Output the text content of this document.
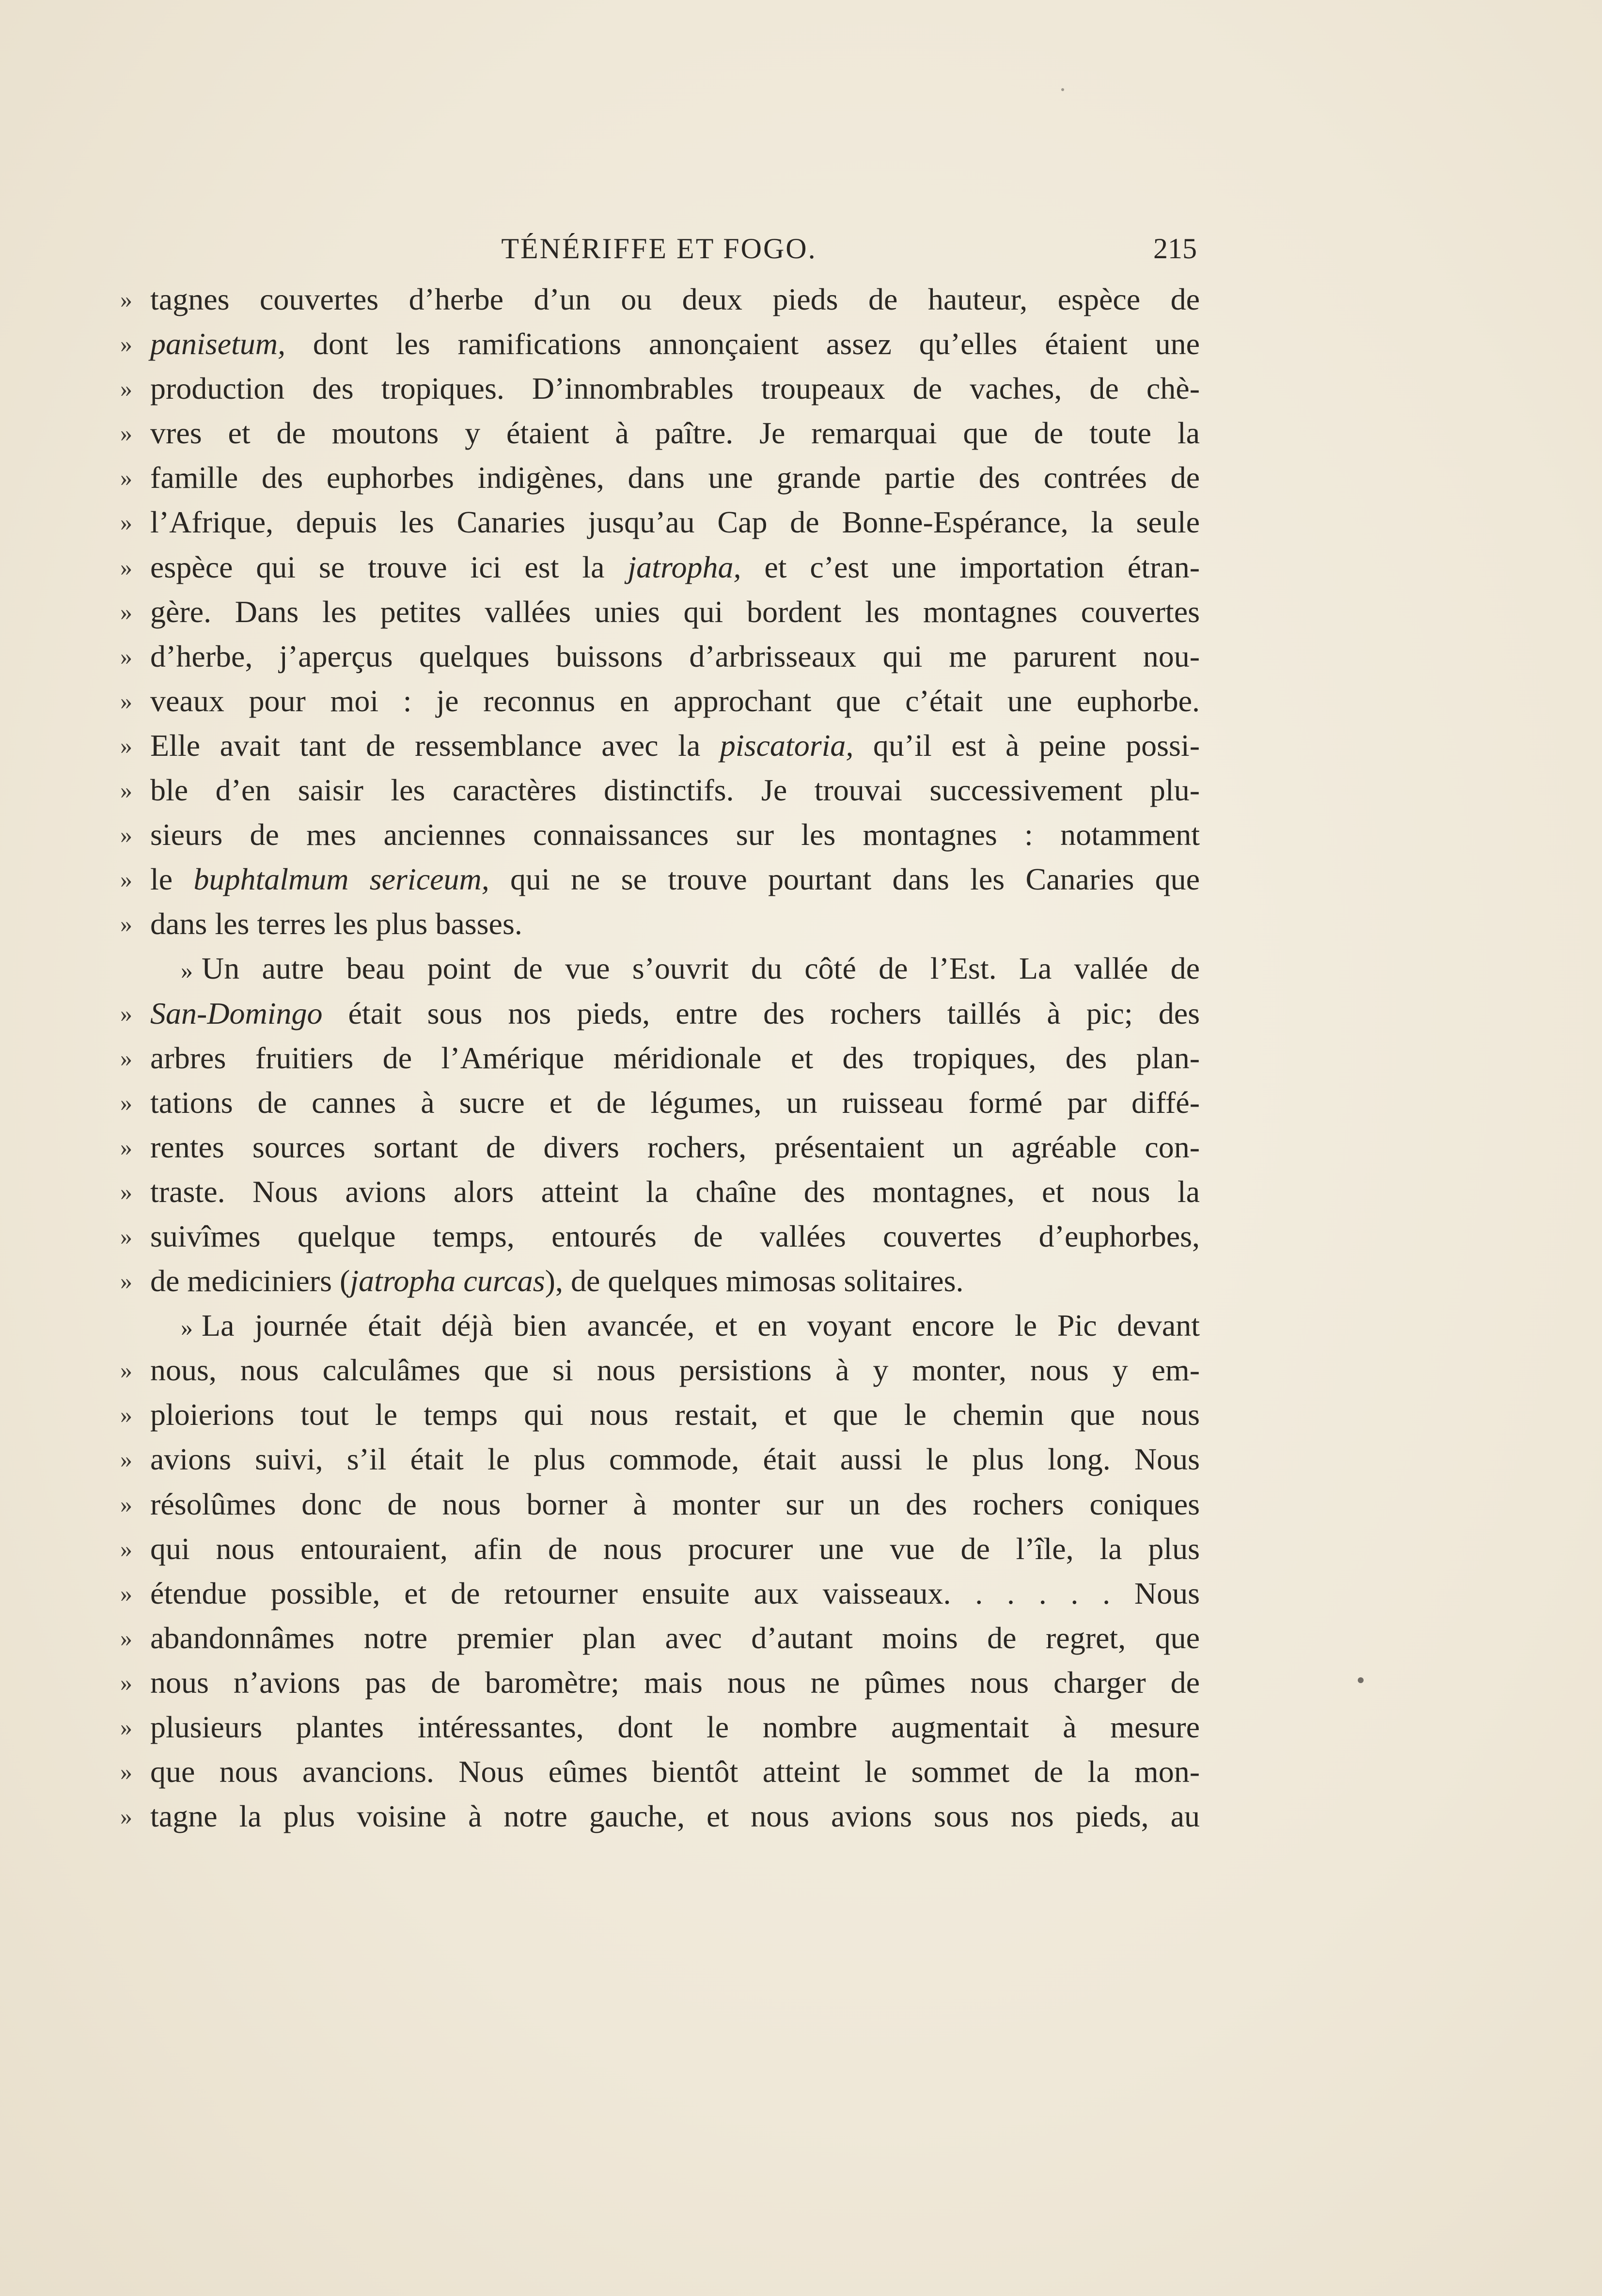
TÉNÉRIFFE ET FOGO.	215
» tagnes couvertes d’herbe d’un ou deux pieds de hauteur, espèce de
» panisetum, dont les ramifications annonçaient assez qu’elles étaient une
» production des tropiques. D’innombrables troupeaux de vaches, de chè-
» vres et de moutons y étaient à paître. Je remarquai que de toute la
» famille des euphorbes indigènes, dans une grande partie des contrées de
» l’Afrique, depuis les Canaries jusqu’au Cap de Bonne-Espérance, la seule
» espèce qui se trouve ici est la jatropha, et c’est une importation étran-
» gère. Dans les petites vallées unies qui bordent les montagnes couvertes
» d’herbe, j’aperçus quelques buissons d’arbrisseaux qui me parurent nou-
» veaux pour moi : je reconnus en approchant que c’était une euphorbe.
» Elle avait tant de ressemblance avec la piscatoria, qu’il est à peine possi-
» ble d’en saisir les caractères distinctifs. Je trouvai successivement plu-
» sieurs de mes anciennes connaissances sur les montagnes : notamment
» le buphtalmum sericeum, qui ne se trouve pourtant dans les Canaries que
» dans les terres les plus basses.
» Un autre beau point de vue s’ouvrit du côté de l’Est. La vallée de
» San-Domingo était sous nos pieds, entre des rochers taillés à pic; des
» arbres fruitiers de l’Amérique méridionale et des tropiques, des plan-
» tations de cannes à sucre et de légumes, un ruisseau formé par diffé-
» rentes sources sortant de divers rochers, présentaient un agréable con-
» traste. Nous avions alors atteint la chaîne des montagnes, et nous la
» suivîmes quelque temps, entourés de vallées couvertes d’euphorbes,
» de mediciniers (jatropha curcas), de quelques mimosas solitaires.
» La journée était déjà bien avancée, et en voyant encore le Pic devant
» nous, nous calculâmes que si nous persistions à y monter, nous y em-
» ploierions tout le temps qui nous restait, et que le chemin que nous
» avions suivi, s’il était le plus commode, était aussi le plus long. Nous
» résolûmes donc de nous borner à monter sur un des rochers coniques
» qui nous entouraient, afin de nous procurer une vue de l’île, la plus
» étendue possible, et de retourner ensuite aux vaisseaux. . . . . . Nous
» abandonnâmes notre premier plan avec d’autant moins de regret, que
» nous n’avions pas de baromètre; mais nous ne pûmes nous charger de
» plusieurs plantes intéressantes, dont le nombre augmentait à mesure
» que nous avancions. Nous eûmes bientôt atteint le sommet de la mon-
» tagne la plus voisine à notre gauche, et nous avions sous nos pieds, au
